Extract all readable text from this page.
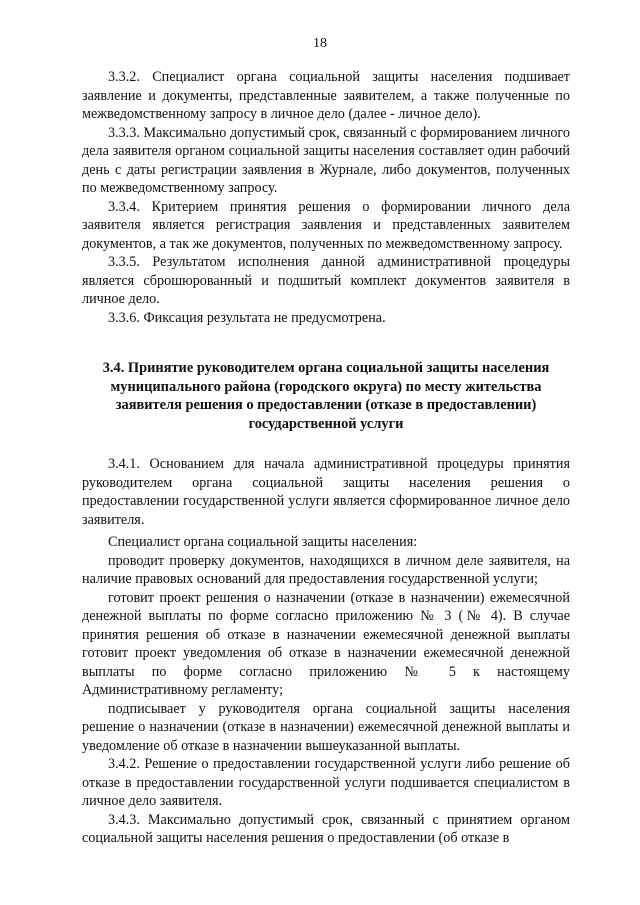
18

3.3.2. Специалист органа социальной защиты населения подшивает заявление и документы, представленные заявителем, а также полученные по межведомственному запросу в личное дело (далее - личное дело).

3.3.3. Максимально допустимый срок, связанный с формированием личного дела заявителя органом социальной защиты населения составляет один рабочий день с даты регистрации заявления в Журнале, либо документов, полученных по межведомственному запросу.

3.3.4. Критерием принятия решения о формировании личного дела заявителя является регистрация заявления и представленных заявителем документов, а так же документов, полученных по межведомственному запросу.

3.3.5. Результатом исполнения данной административной процедуры является сброшюрованный и подшитый комплект документов заявителя в личное дело.

3.3.6. Фиксация результата не предусмотрена.

3.4. Принятие руководителем органа социальной защиты населения муниципального района (городского округа) по месту жительства заявителя решения о предоставлении (отказе в предоставлении) государственной услуги

3.4.1. Основанием для начала административной процедуры принятия руководителем органа социальной защиты населения решения о предоставлении государственной услуги является сформированное личное дело заявителя.

Специалист органа социальной защиты населения:

проводит проверку документов, находящихся в личном деле заявителя, на наличие правовых оснований для предоставления государственной услуги;

готовит проект решения о назначении (отказе в назначении) ежемесячной денежной выплаты по форме согласно приложению № 3 (№ 4). В случае принятия решения об отказе в назначении ежемесячной денежной выплаты готовит проект уведомления об отказе в назначении ежемесячной денежной выплаты по форме согласно приложению № 5 к настоящему Административному регламенту;

подписывает у руководителя органа социальной защиты населения решение о назначении (отказе в назначении) ежемесячной денежной выплаты и уведомление об отказе в назначении вышеуказанной выплаты.

3.4.2. Решение о предоставлении государственной услуги либо решение об отказе в предоставлении государственной услуги подшивается специалистом в личное дело заявителя.

3.4.3. Максимально допустимый срок, связанный с принятием органом социальной защиты населения решения о предоставлении (об отказе в
